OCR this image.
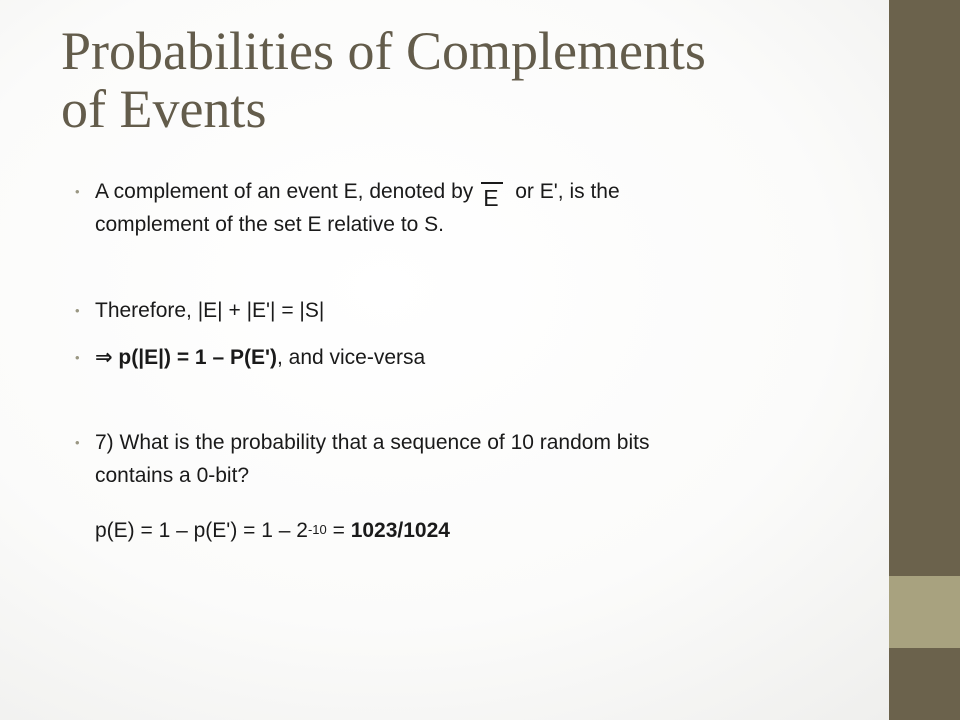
Probabilities of Complements
of Events
• A complement of an event E, denoted by E or E', is the
complement of the set E relative to S.
• Therefore, |E| + |E'| = |S|
• ⇒ p(|E|) = 1 – P(E'), and vice-versa
• 7) What is the probability that a sequence of 10 random bits
contains a 0-bit?
$p(E) = 1 - p(E') = 1 - 2^{-10} = 1023/1024$
